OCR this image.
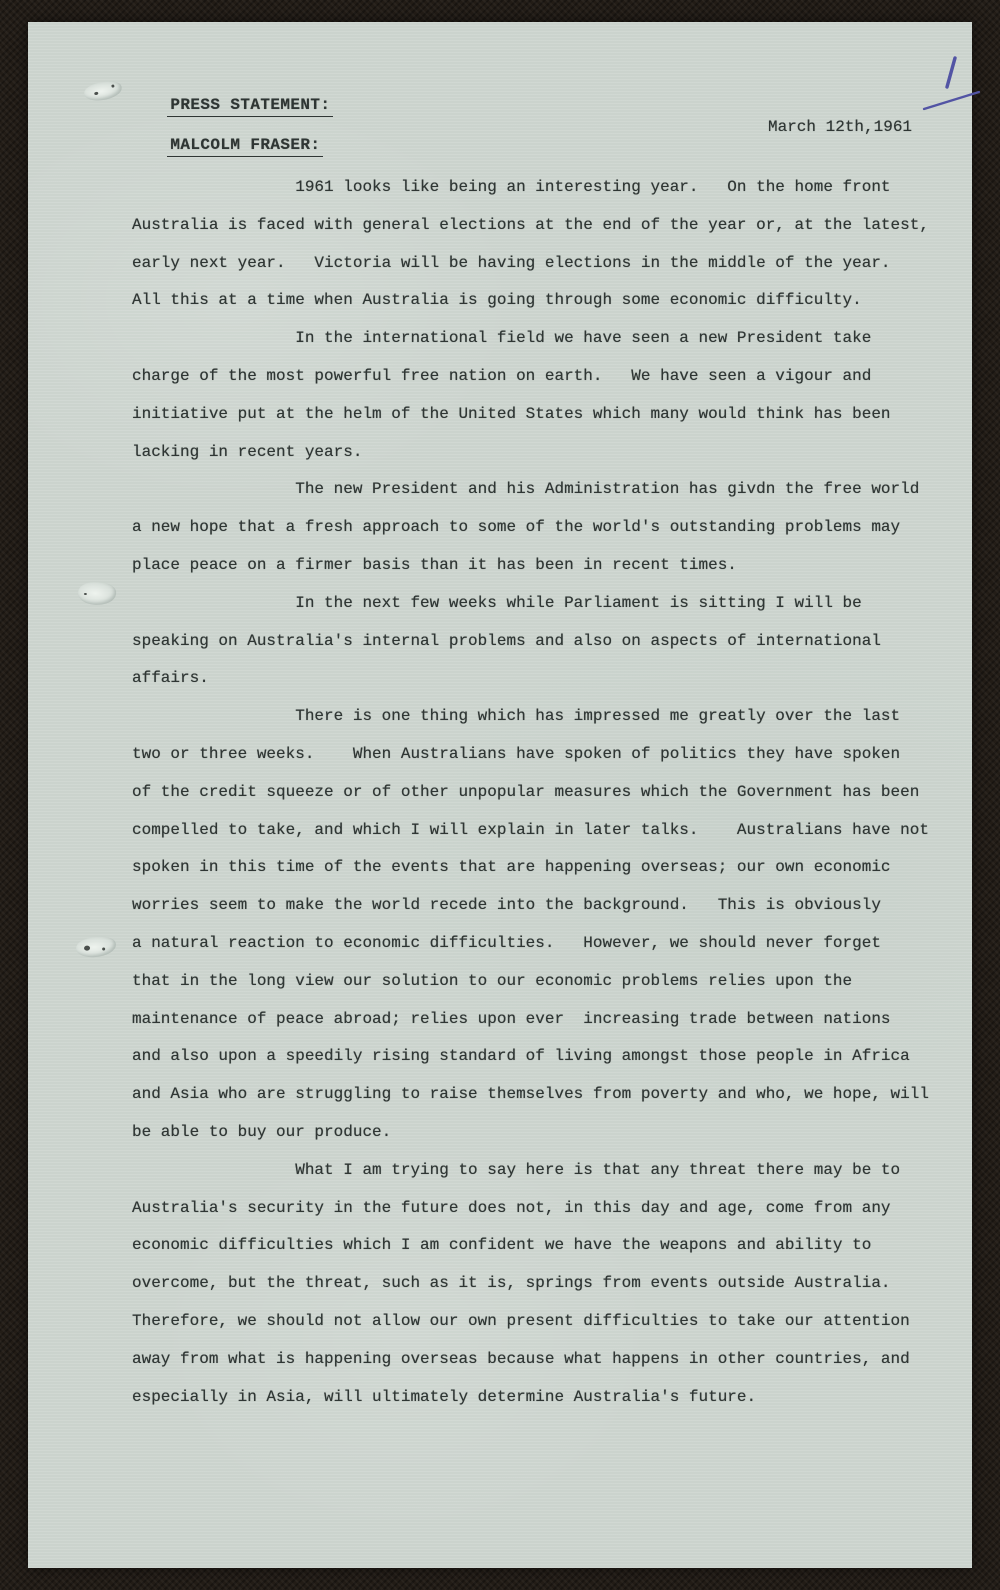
PRESS STATEMENT:

MALCOLM FRASER:

March 12th,1961
1961 looks like being an interesting year.   On the home front
Australia is faced with general elections at the end of the year or, at the latest,
early next year.   Victoria will be having elections in the middle of the year.
All this at a time when Australia is going through some economic difficulty.
In the international field we have seen a new President take
charge of the most powerful free nation on earth.   We have seen a vigour and
initiative put at the helm of the United States which many would think has been
lacking in recent years.
The new President and his Administration has givdn the free world
a new hope that a fresh approach to some of the world's outstanding problems may
place peace on a firmer basis than it has been in recent times.
In the next few weeks while Parliament is sitting I will be
speaking on Australia's internal problems and also on aspects of international
affairs.
There is one thing which has impressed me greatly over the last
two or three weeks.    When Australians have spoken of politics they have spoken
of the credit squeeze or of other unpopular measures which the Government has been
compelled to take, and which I will explain in later talks.    Australians have not
spoken in this time of the events that are happening overseas; our own economic
worries seem to make the world recede into the background.   This is obviously
a natural reaction to economic difficulties.   However, we should never forget
that in the long view our solution to our economic problems relies upon the
maintenance of peace abroad; relies upon ever  increasing trade between nations
and also upon a speedily rising standard of living amongst those people in Africa
and Asia who are struggling to raise themselves from poverty and who, we hope, will
be able to buy our produce.
What I am trying to say here is that any threat there may be to
Australia's security in the future does not, in this day and age, come from any
economic difficulties which I am confident we have the weapons and ability to
overcome, but the threat, such as it is, springs from events outside Australia.
Therefore, we should not allow our own present difficulties to take our attention
away from what is happening overseas because what happens in other countries, and
especially in Asia, will ultimately determine Australia's future.
